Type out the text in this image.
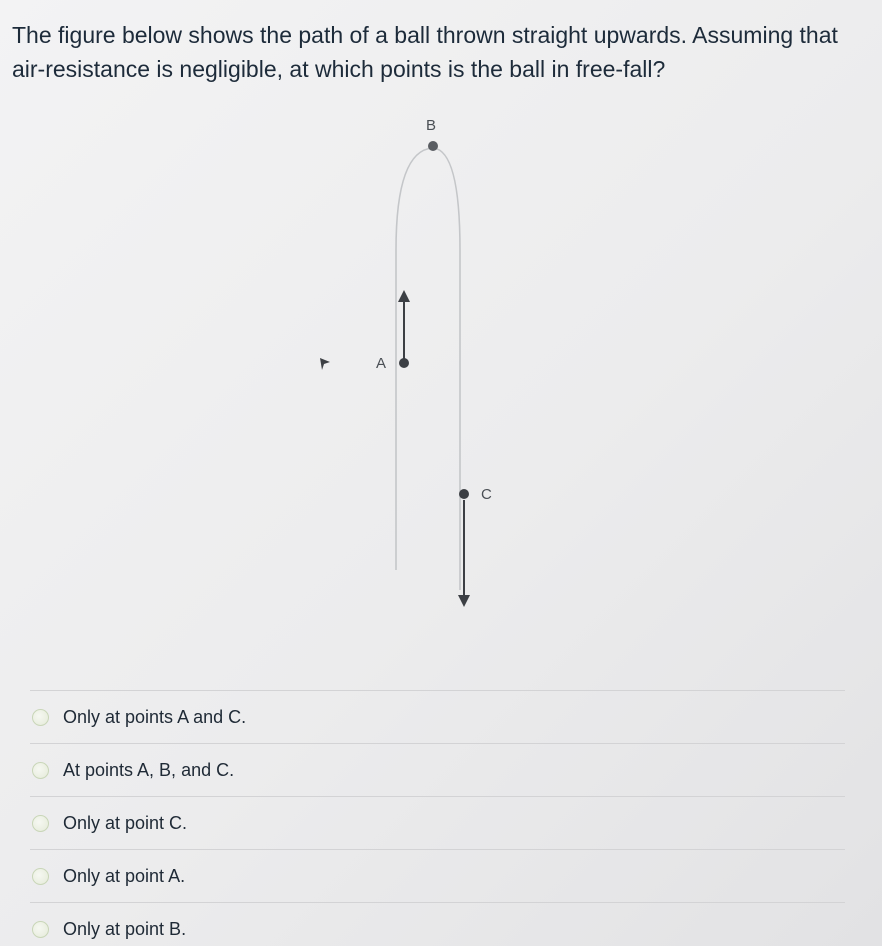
The figure below shows the path of a ball thrown straight upwards. Assuming that
air-resistance is negligible, at which points is the ball in free-fall?
B
A
C
Only at points A and C.
At points A, B, and C.
Only at point C.
Only at point A.
Only at point B.
